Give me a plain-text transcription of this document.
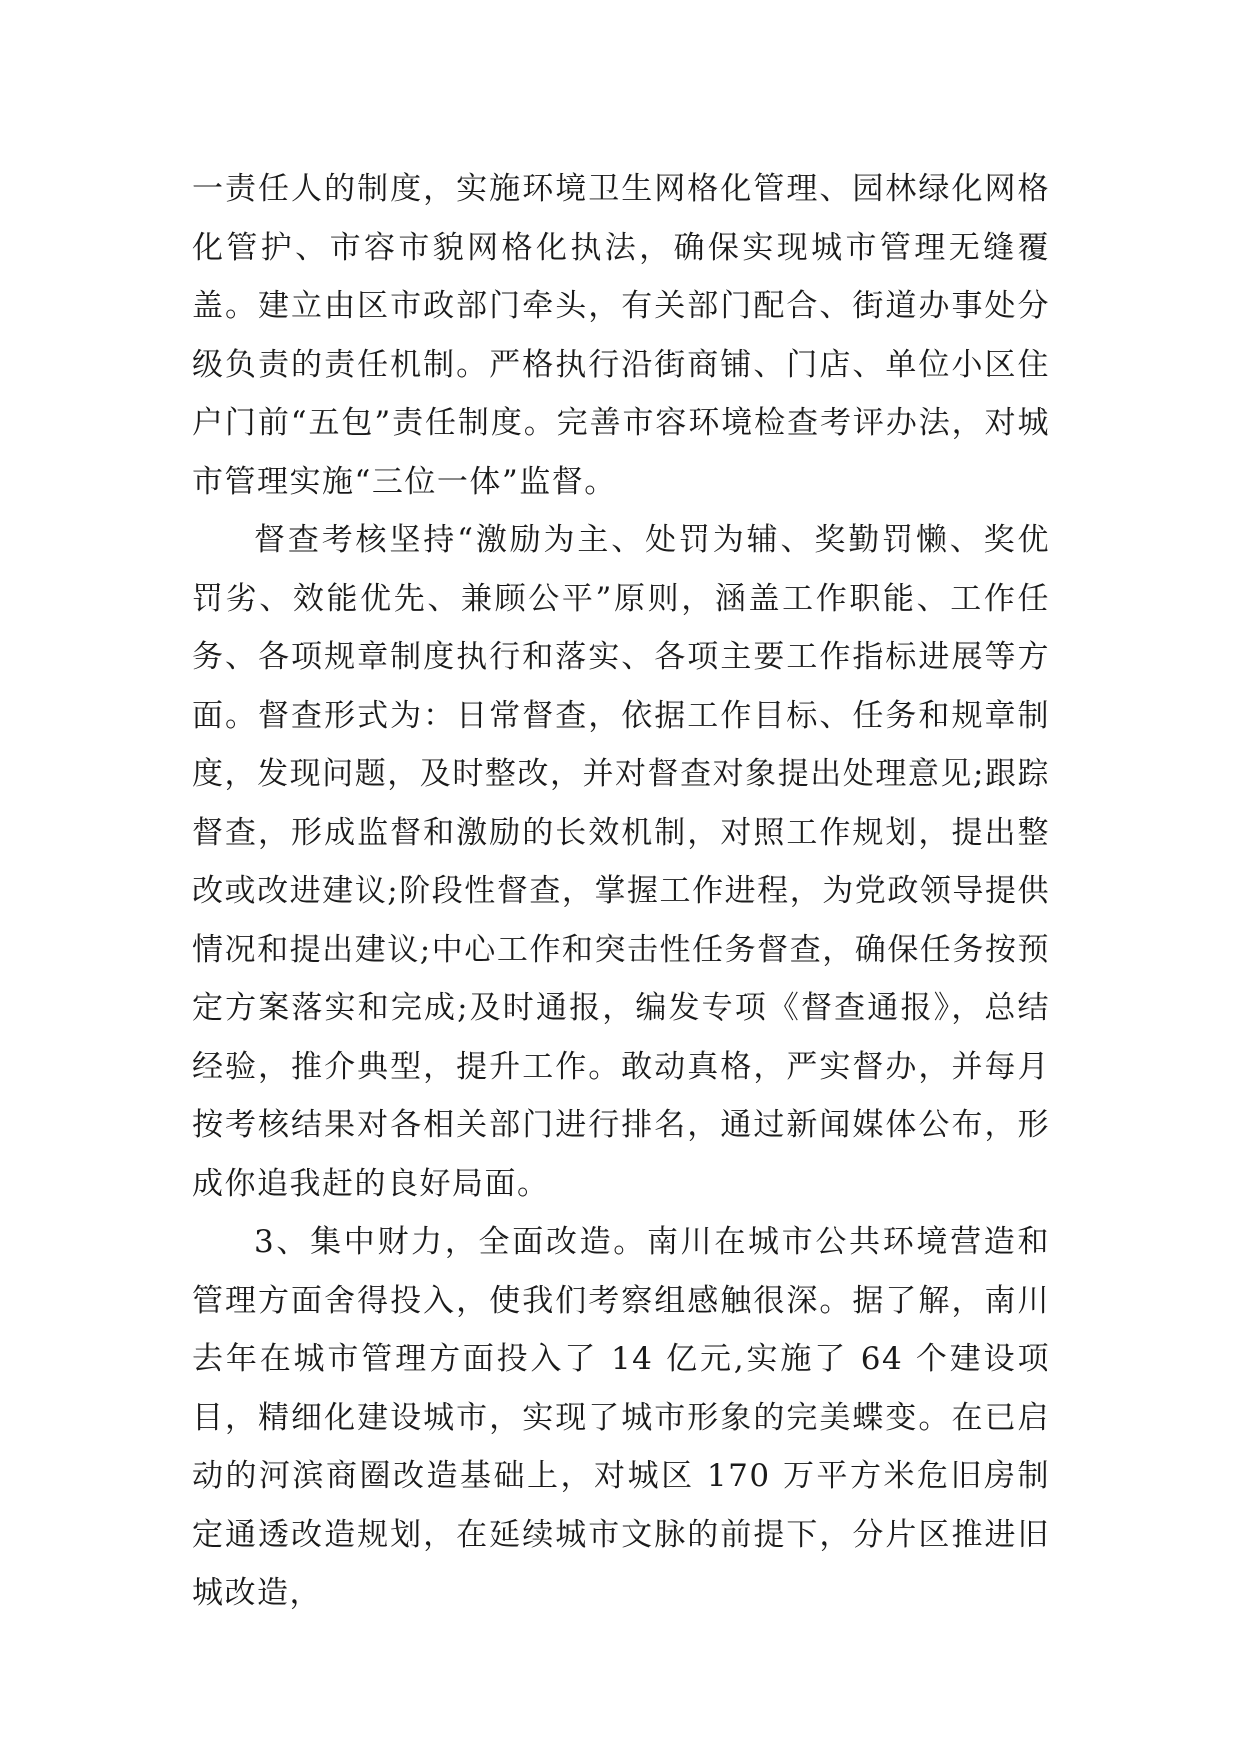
一责任人的制度，实施环境卫生网格化管理、园林绿化网格化管护、市容市貌网格化执法，确保实现城市管理无缝覆盖。建立由区市政部门牵头，有关部门配合、街道办事处分级负责的责任机制。严格执行沿街商铺、门店、单位小区住户门前“五包”责任制度。完善市容环境检查考评办法，对城市管理实施“三位一体”监督。

督查考核坚持“激励为主、处罚为辅、奖勤罚懒、奖优罚劣、效能优先、兼顾公平”原则，涵盖工作职能、工作任务、各项规章制度执行和落实、各项主要工作指标进展等方面。督查形式为：日常督查，依据工作目标、任务和规章制度，发现问题，及时整改，并对督查对象提出处理意见;跟踪督查，形成监督和激励的长效机制，对照工作规划，提出整改或改进建议;阶段性督查，掌握工作进程，为党政领导提供情况和提出建议;中心工作和突击性任务督查，确保任务按预定方案落实和完成;及时通报，编发专项《督查通报》，总结经验，推介典型，提升工作。敢动真格，严实督办，并每月按考核结果对各相关部门进行排名，通过新闻媒体公布，形成你追我赶的良好局面。

3、集中财力，全面改造。南川在城市公共环境营造和管理方面舍得投入，使我们考察组感触很深。据了解，南川去年在城市管理方面投入了 14 亿元,实施了 64 个建设项目，精细化建设城市，实现了城市形象的完美蝶变。在已启动的河滨商圈改造基础上，对城区 170 万平方米危旧房制定通透改造规划，在延续城市文脉的前提下，分片区推进旧城改造，
